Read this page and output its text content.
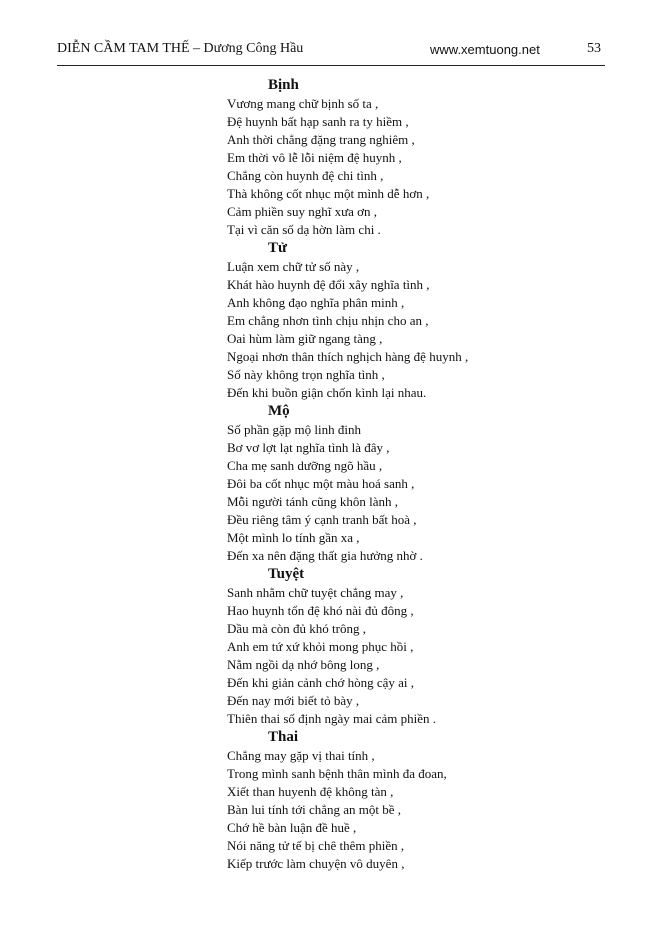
DIỄN CẦM TAM THẾ – Dương Công Hầu	www.xemtuong.net	53
Bịnh
Vương mang chữ bịnh số ta ,
Đệ huynh bất hạp sanh ra ty hiềm ,
Anh thời chẳng đặng trang nghiêm ,
Em thời vô lễ lỗi niệm đệ huynh ,
Chẳng còn huynh đệ chi tình ,
Thà không cốt nhục một mình dễ hơn ,
Cảm phiền suy nghĩ xưa ơn ,
Tại vì căn số dạ hờn làm chi .
Tử
Luận xem chữ tử số này ,
Khát hào huynh đệ đổi xây nghĩa tình ,
Anh không đạo nghĩa phân minh ,
Em chẳng nhơn tình chịu nhịn cho an ,
Oai hùm làm giữ ngang tàng ,
Ngoại nhơn thân thích nghịch hàng đệ huynh ,
Số này không trọn nghĩa tình ,
Đến khi buồn giận chốn kình lại nhau.
Mộ
Số phần gặp mộ linh đinh
Bơ vơ lợt lạt nghĩa tình là đây ,
Cha mẹ sanh dưỡng ngõ hầu ,
Đôi ba cốt nhục một màu hoá sanh ,
Mỗi người tánh cũng khôn lành ,
Đều riêng tâm ý cạnh tranh bất hoà ,
Một mình lo tính gần xa ,
Đến xa nên đặng thất gia hưởng nhờ .
Tuyệt
Sanh nhằm chữ tuyệt chẳng may ,
Hao huynh tổn đệ khó nài đủ đông ,
Dầu mà còn đủ khó trông ,
Anh em tứ xứ khỏi mong phục hồi ,
Nằm ngồi dạ nhớ bông long ,
Đến khi giản cảnh chớ hòng cậy ai ,
Đến nay mới biết tỏ bày ,
Thiên thai số định ngày mai cảm phiền .
Thai
Chẳng may gặp vị thai tính ,
Trong mình sanh bệnh thân mình đa đoan,
Xiết than huyenh đệ không tàn ,
Bàn lui tính tới chẳng an một bề ,
Chớ hề bàn luận đề huề ,
Nói năng tử tế bị chê thêm phiền ,
Kiếp trước làm chuyện vô duyên ,
